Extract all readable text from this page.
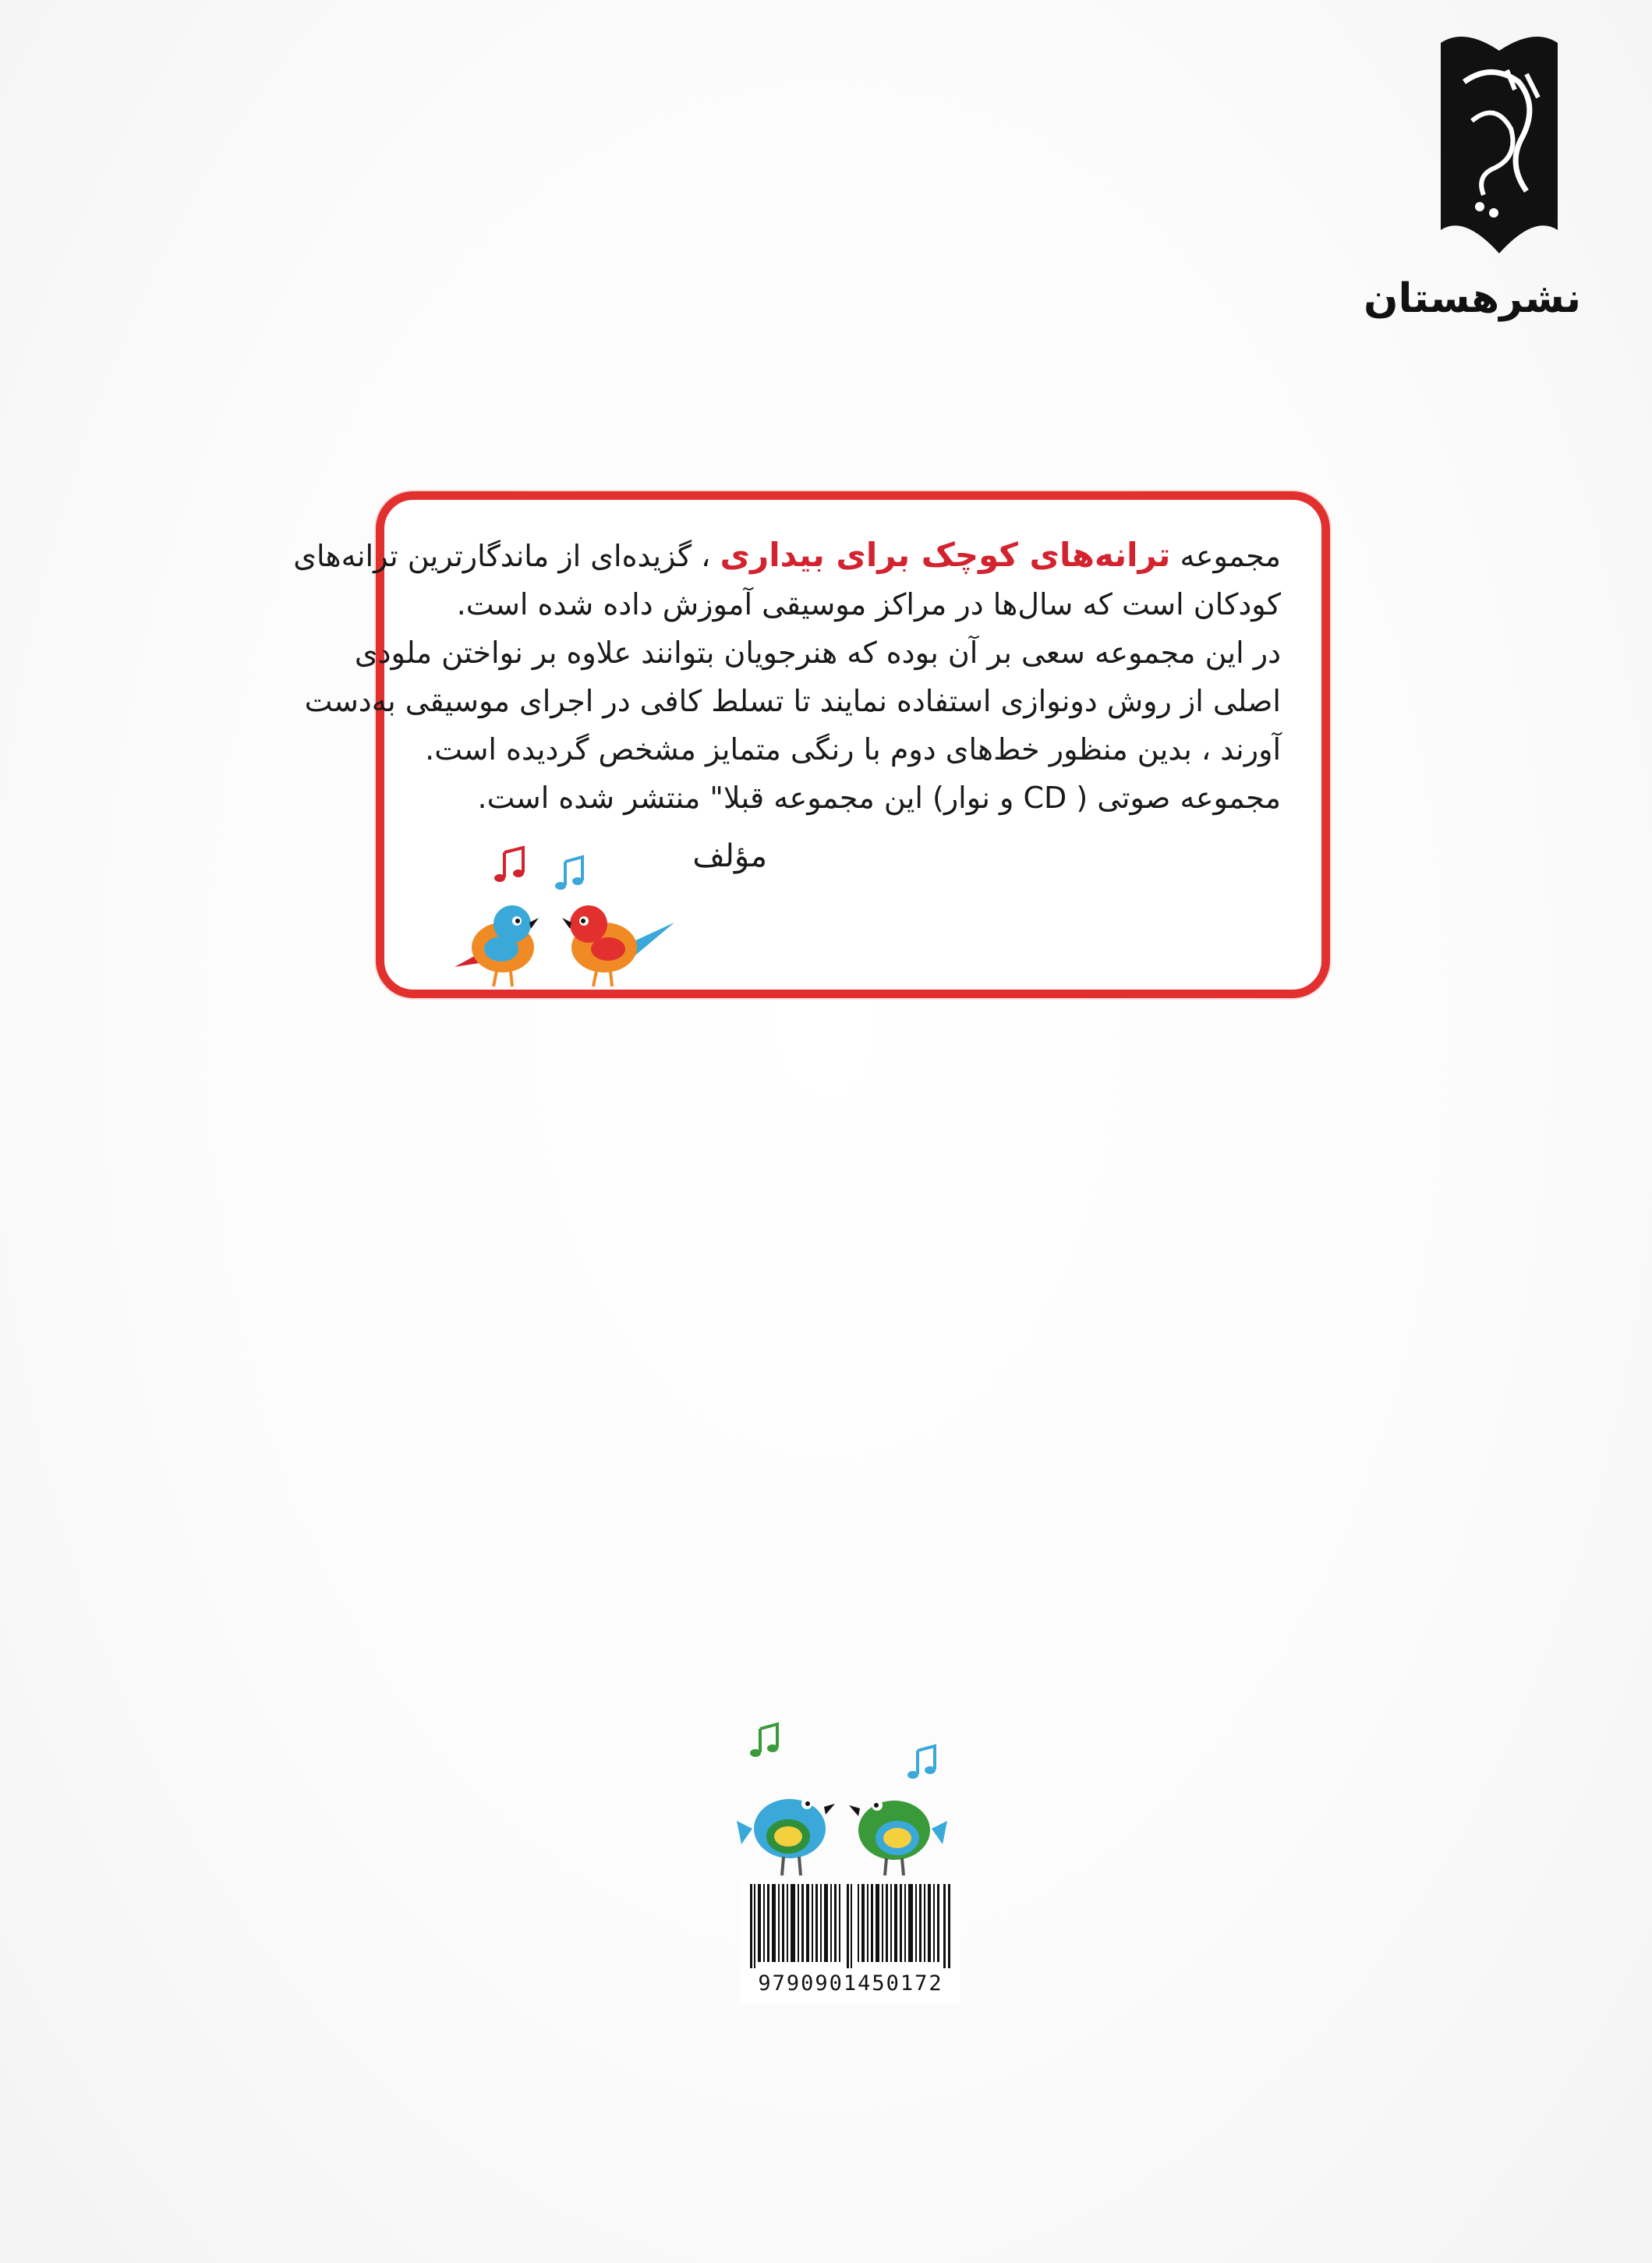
نشرهستان
مجموعه ترانه‌های کوچک برای بیداری ، گزیده‌ای از ماندگارترین ترانه‌های
کودکان است که سال‌ها در مراکز موسیقی آموزش داده شده است.
در این مجموعه سعی بر آن بوده که هنرجویان بتوانند علاوه بر نواختن ملودی
اصلی از روش دونوازی استفاده نمایند تا تسلط کافی در اجرای موسیقی به‌دست
آورند ، بدین منظور خط‌های دوم با رنگی متمایز مشخص گردیده است.
مجموعه صوتی ( CD و نوار) این مجموعه قبلا" منتشر شده است.
مؤلف
9790901450172
